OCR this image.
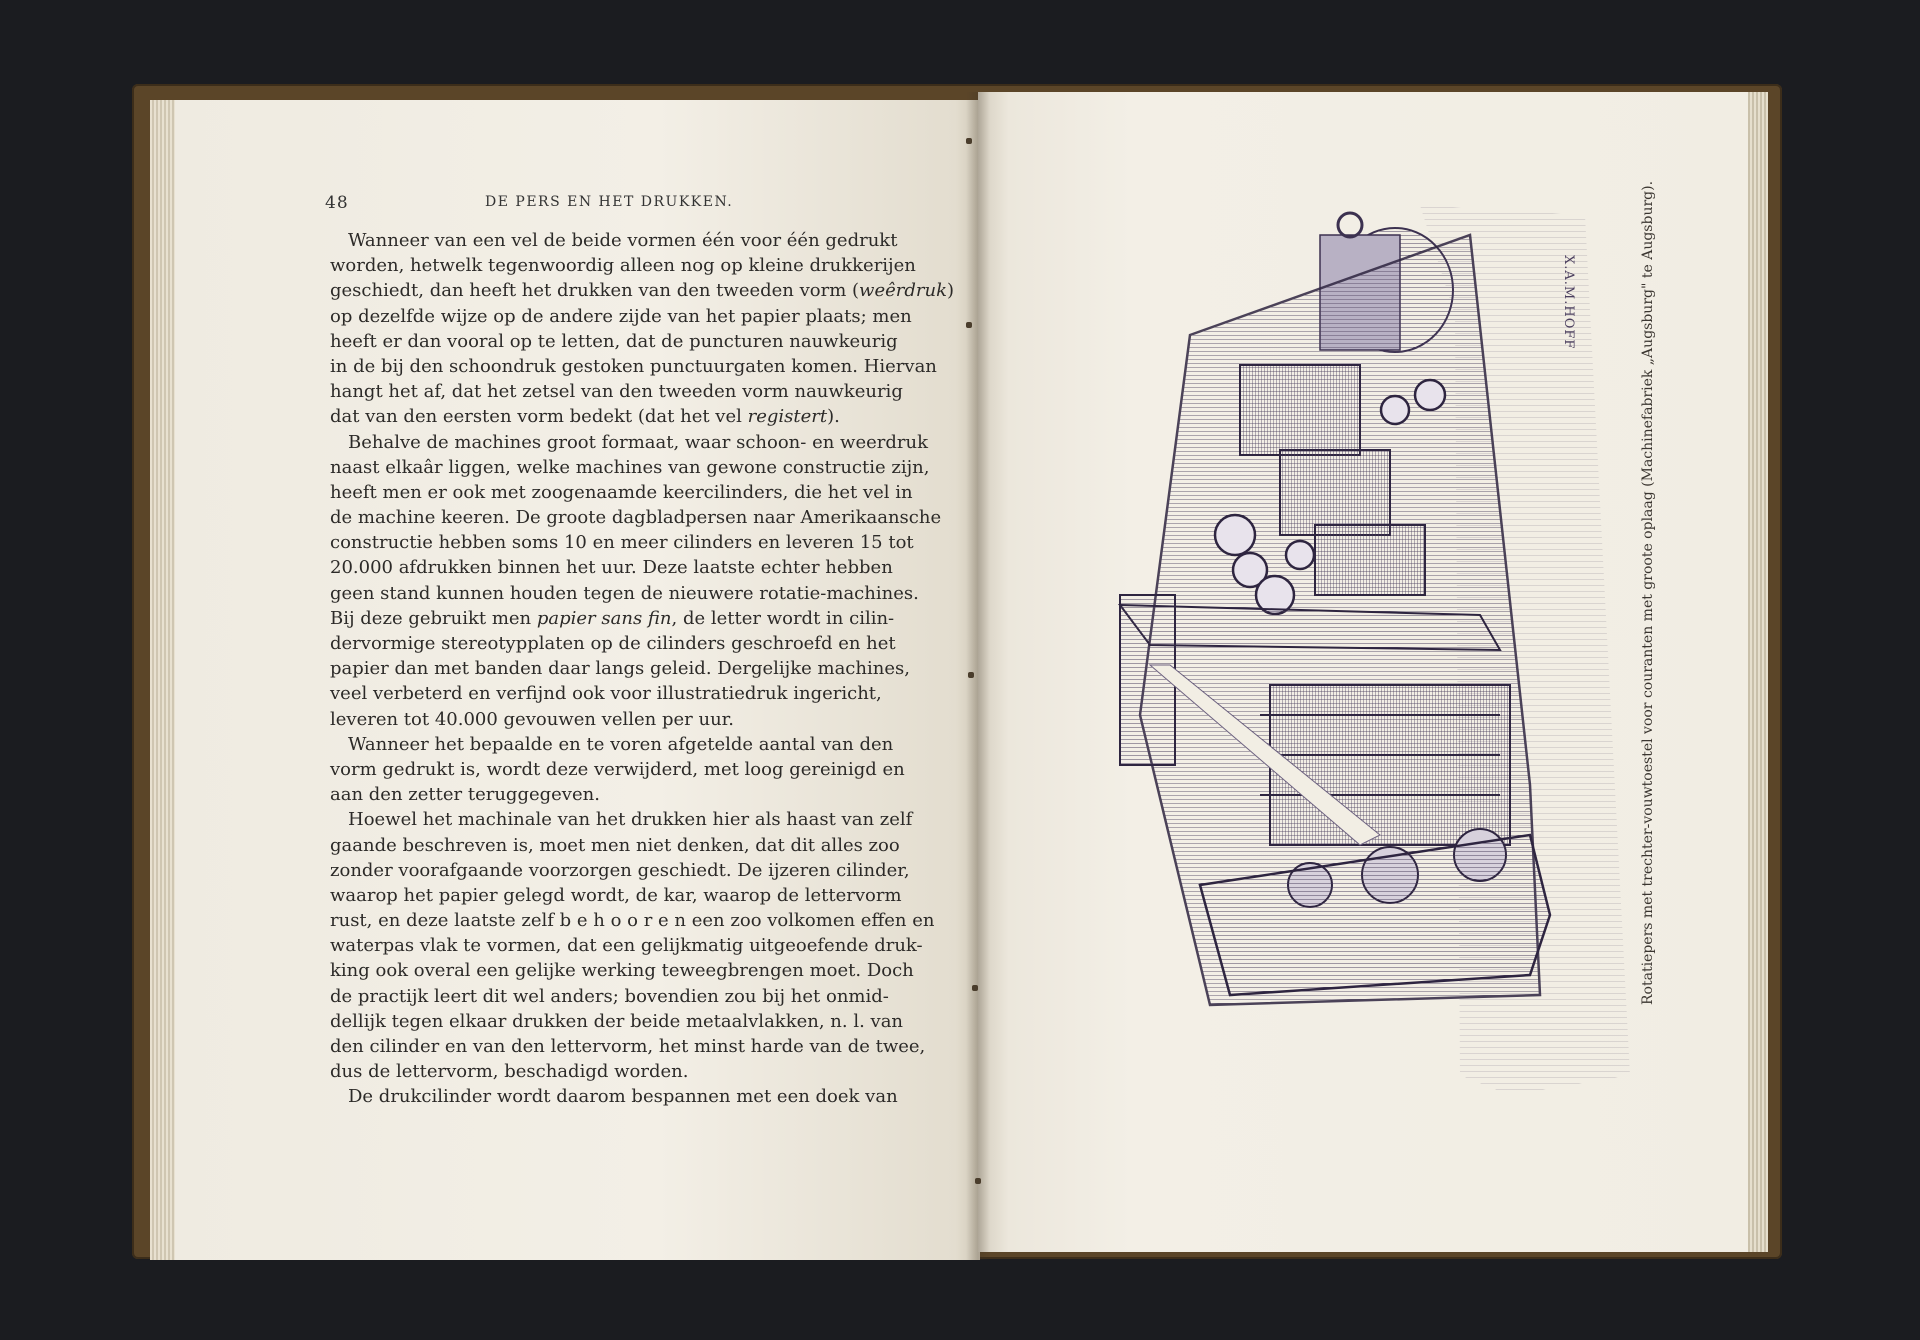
48	DE PERS EN HET DRUKKEN.
Wanneer van een vel de beide vormen één voor één gedrukt
worden, hetwelk tegenwoordig alleen nog op kleine drukkerijen
geschiedt, dan heeft het drukken van den tweeden vorm (weêrdruk)
op dezelfde wijze op de andere zijde van het papier plaats; men
heeft er dan vooral op te letten, dat de puncturen nauwkeurig
in de bij den schoondruk gestoken punctuurgaten komen. Hiervan
hangt het af, dat het zetsel van den tweeden vorm nauwkeurig
dat van den eersten vorm bedekt (dat het vel registert).
Behalve de machines groot formaat, waar schoon- en weerdruk
naast elkaâr liggen, welke machines van gewone constructie zijn,
heeft men er ook met zoogenaamde keercilinders, die het vel in
de machine keeren. De groote dagbladpersen naar Amerikaansche
constructie hebben soms 10 en meer cilinders en leveren 15 tot
20.000 afdrukken binnen het uur. Deze laatste echter hebben
geen stand kunnen houden tegen de nieuwere rotatie-machines.
Bij deze gebruikt men papier sans fin, de letter wordt in cilin-
dervormige stereotypplaten op de cilinders geschroefd en het
papier dan met banden daar langs geleid. Dergelijke machines,
veel verbeterd en verfijnd ook voor illustratiedruk ingericht,
leveren tot 40.000 gevouwen vellen per uur.
Wanneer het bepaalde en te voren afgetelde aantal van den
vorm gedrukt is, wordt deze verwijderd, met loog gereinigd en
aan den zetter teruggegeven.
Hoewel het machinale van het drukken hier als haast van zelf
gaande beschreven is, moet men niet denken, dat dit alles zoo
zonder voorafgaande voorzorgen geschiedt. De ijzeren cilinder,
waarop het papier gelegd wordt, de kar, waarop de lettervorm
rust, en deze laatste zelf b e h o o r e n een zoo volkomen effen en
waterpas vlak te vormen, dat een gelijkmatig uitgeoefende druk-
king ook overal een gelijke werking teweegbrengen moet. Doch
de practijk leert dit wel anders; bovendien zou bij het onmid-
dellijk tegen elkaar drukken der beide metaalvlakken, n. l. van
den cilinder en van den lettervorm, het minst harde van de twee,
dus de lettervorm, beschadigd worden.
De drukcilinder wordt daarom bespannen met een doek van
X.A.M.HOFF	Rotatiepers met trechter-vouwtoestel voor couranten met groote oplaag (Machinefabriek „Augsburg" te Augsburg).
